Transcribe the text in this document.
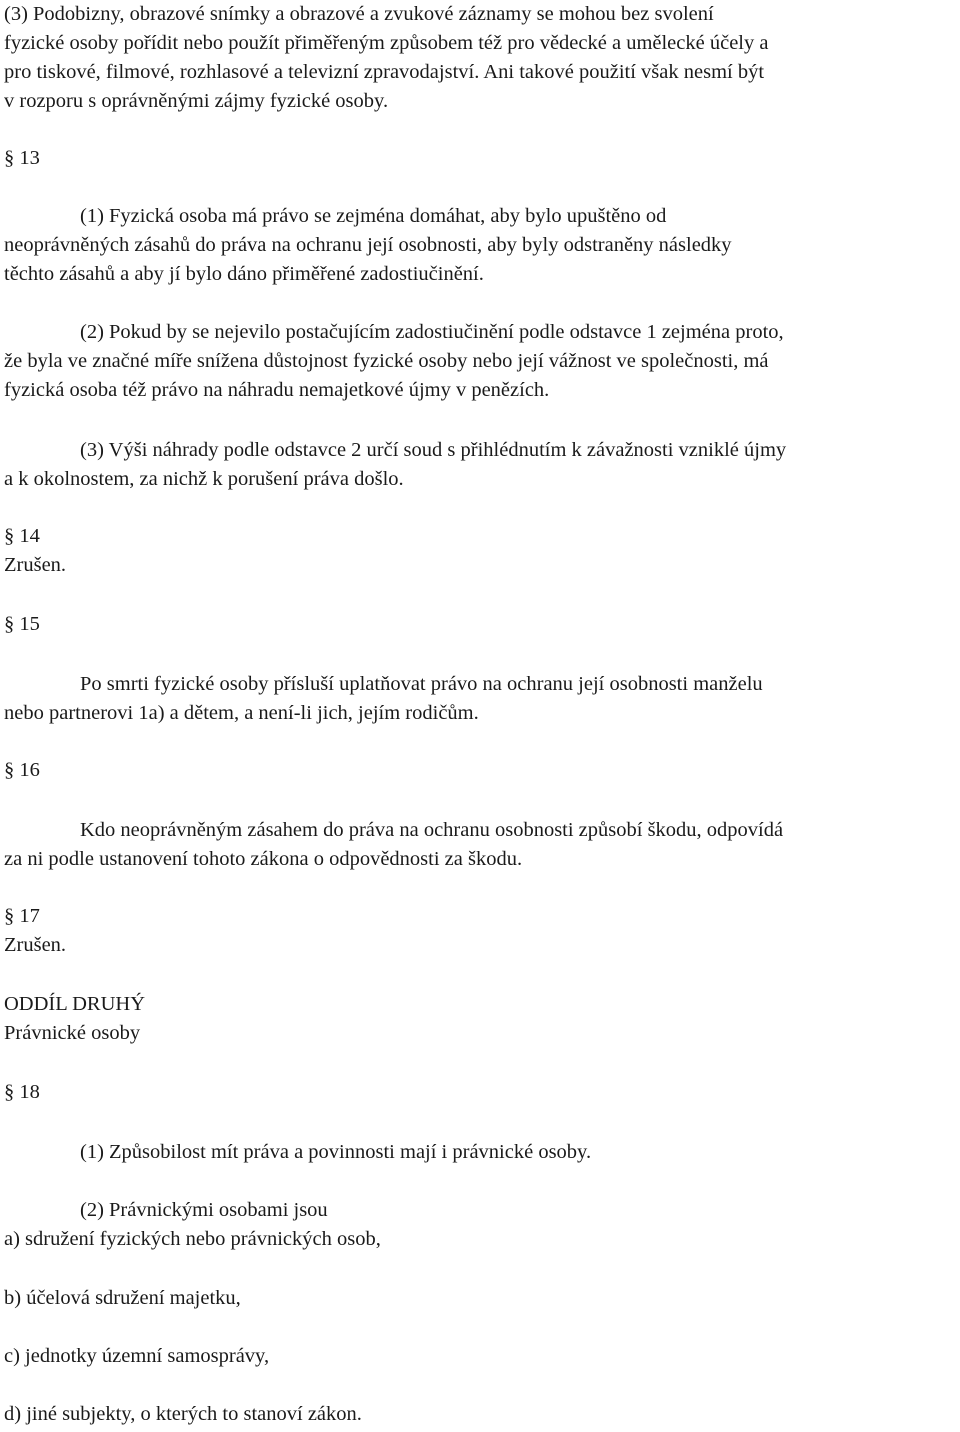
(3) Podobizny, obrazové snímky a obrazové a zvukové záznamy se mohou bez svolení
fyzické osoby pořídit nebo použít přiměřeným způsobem též pro vědecké a umělecké účely a
pro tiskové, filmové, rozhlasové a televizní zpravodajství. Ani takové použití však nesmí být
v rozporu s oprávněnými zájmy fyzické osoby.
§ 13
(1) Fyzická osoba má právo se zejména domáhat, aby bylo upuštěno od
neoprávněných zásahů do práva na ochranu její osobnosti, aby byly odstraněny následky
těchto zásahů a aby jí bylo dáno přiměřené zadostiučinění.
(2) Pokud by se nejevilo postačujícím zadostiučinění podle odstavce 1 zejména proto,
že byla ve značné míře snížena důstojnost fyzické osoby nebo její vážnost ve společnosti, má
fyzická osoba též právo na náhradu nemajetkové újmy v penězích.
(3) Výši náhrady podle odstavce 2 určí soud s přihlédnutím k závažnosti vzniklé újmy
a k okolnostem, za nichž k porušení práva došlo.
§ 14
Zrušen.
§ 15
Po smrti fyzické osoby přísluší uplatňovat právo na ochranu její osobnosti manželu
nebo partnerovi 1a) a dětem, a není-li jich, jejím rodičům.
§ 16
Kdo neoprávněným zásahem do práva na ochranu osobnosti způsobí škodu, odpovídá
za ni podle ustanovení tohoto zákona o odpovědnosti za škodu.
§ 17
Zrušen.
ODDÍL DRUHÝ
Právnické osoby
§ 18
(1) Způsobilost mít práva a povinnosti mají i právnické osoby.
(2) Právnickými osobami jsou
a) sdružení fyzických nebo právnických osob,
b) účelová sdružení majetku,
c) jednotky územní samosprávy,
d) jiné subjekty, o kterých to stanoví zákon.
